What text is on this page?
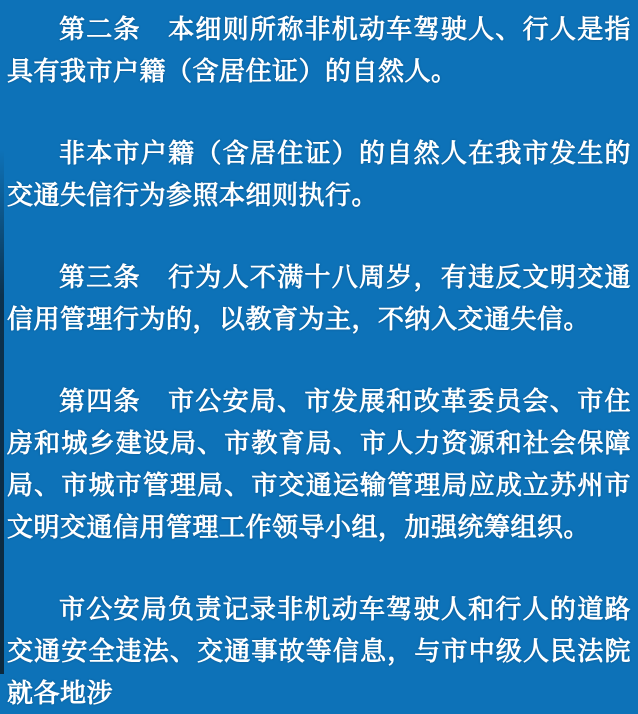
第二条　本细则所称非机动车驾驶人、行人是指具有我市户籍（含居住证）的自然人。

非本市户籍（含居住证）的自然人在我市发生的交通失信行为参照本细则执行。

第三条　行为人不满十八周岁，有违反文明交通信用管理行为的，以教育为主，不纳入交通失信。

第四条　市公安局、市发展和改革委员会、市住房和城乡建设局、市教育局、市人力资源和社会保障局、市城市管理局、市交通运输管理局应成立苏州市文明交通信用管理工作领导小组，加强统筹组织。

市公安局负责记录非机动车驾驶人和行人的道路交通安全违法、交通事故等信息，与市中级人民法院就各地涉
